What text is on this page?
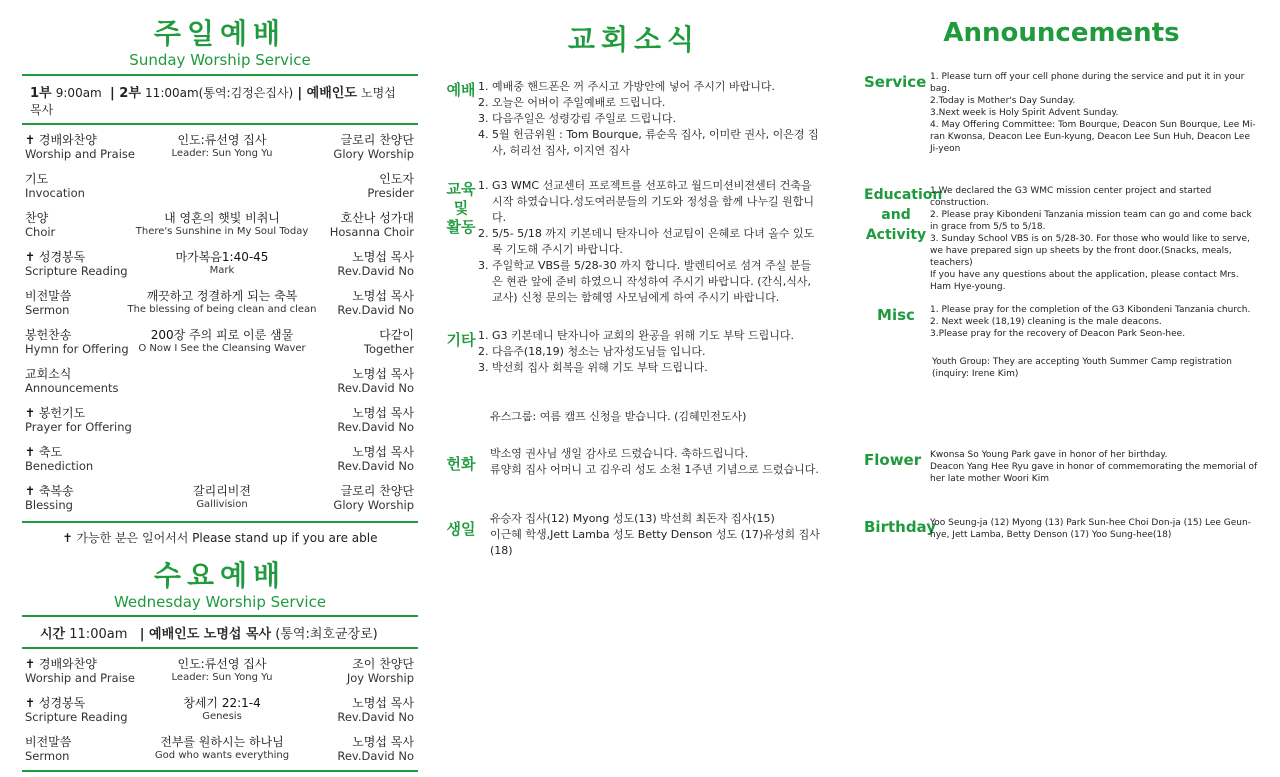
주일예배
Sunday Worship Service
1부 9:00am | 2부 11:00am(통역:김정은집사) | 예배인도 노명섭 목사
✝ 경배와찬양
Worship and Praise
인도:류선영 집사
Leader: Sun Yong Yu
글로리 찬양단
Glory Worship
기도
Invocation
인도자
Presider
찬양
Choir
내 영혼의 햇빛 비취니
There's Sunshine in My Soul Today
호산나 성가대
Hosanna Choir
✝ 성경봉독
Scripture Reading
마가복음1:40-45
Mark
노명섭 목사
Rev.David No
비전말씀
Sermon
깨끗하고 정결하게 되는 축복
The blessing of being clean and clean
노명섭 목사
Rev.David No
봉헌찬송
Hymn for Offering
200장 주의 피로 이룬 샘물
O Now I See the Cleansing Waver
다같이
Together
교회소식
Announcements
노명섭 목사
Rev.David No
✝ 봉헌기도
Prayer for Offering
노명섭 목사
Rev.David No
✝ 축도
Benediction
노명섭 목사
Rev.David No
✝ 축복송
Blessing
갈리리비젼
Gallivision
글로리 찬양단
Glory Worship
✝ 가능한 분은 일어서서 Please stand up if you are able
수요예배
Wednesday Worship Service
시간 11:00am | 예배인도 노명섭 목사 (통역:최호균장로)
✝ 경배와찬양
Worship and Praise
인도:류선영 집사
Leader: Sun Yong Yu
조이 찬양단
Joy Worship
✝ 성경봉독
Scripture Reading
창세기 22:1-4
Genesis
노명섭 목사
Rev.David No
비전말씀
Sermon
전부를 원하시는 하나님
God who wants everything
노명섭 목사
Rev.David No
교회소식
예배 1. 예배중 핸드폰은 꺼 주시고 가방안에 넣어 주시기 바랍니다.
2. 오늘은 어버이 주일예배로 드립니다.
3. 다음주일은 성령강림 주일로 드립니다.
4. 5월 헌금위원 : Tom Bourque, 류순옥 집사, 이미란 권사, 이은경 집사, 허리선 집사, 이지연 집사
교육
및
활동
1. G3 WMC 선교센터 프로젝트를 선포하고 월드미션비젼센터 건축을 시작 하였습니다.성도여러분들의 기도와 정성을 함께 나누길 원합니다.
2. 5/5- 5/18 까지 키본데니 탄자니아 선교팀이 은혜로 다녀 올수 있도록 기도해 주시기 바랍니다.
3. 주일학교 VBS를 5/28-30 까지 합니다. 발렌티어로 섬겨 주실 분들은 현관 앞에 준비 하였으니 작성하여 주시기 바랍니다. (간식,식사, 교사) 신청 문의는 함혜영 사모님에게 하여 주시기 바랍니다.
기타 1. G3 키본데니 탄자니아 교회의 완공을 위해 기도 부탁 드립니다.
2. 다음주(18,19) 청소는 남자성도님들 입니다.
3. 박선희 집사 회복을 위해 기도 부탁 드립니다.
유스그룹: 여름 캠프 신청을 받습니다. (김혜민전도사)
헌화
박소영 권사님 생일 감사로 드렸습니다. 축하드립니다.
류양희 집사 어머니 고 김우리 성도 소천 1주년 기념으로 드렸습니다.
생일
유승자 집사(12) Myong 성도(13) 박선희 최돈자 집사(15)
이근혜 학생,Jett Lamba 성도 Betty Denson 성도 (17)유성희 집사(18)
Announcements
Service 1. Please turn off your cell phone during the service and put it in your bag.

2.Today is Mother's Day Sunday.

3.Next week is Holy Spirit Advent Sunday.

4. May Offering Committee: Tom Bourque, Deacon Sun Bourque, Lee Mi-ran Kwonsa, Deacon Lee Eun-kyung, Deacon Lee Sun Huh, Deacon Lee Ji-yeon

Education
and
Activity

1.We declared the G3 WMC mission center project and started construction.

2. Please pray Kibondeni Tanzania mission team can go and come back in grace from 5/5 to 5/18.

3. Sunday School VBS is on 5/28-30. For those who would like to serve, we have prepared sign up sheets by the front door.(Snacks, meals, teachers)

If you have any questions about the application, please contact Mrs. Ham Hye-young.

Misc	1. Please pray for the completion of the G3 Kibondeni Tanzania church.

2. Next week (18,19) cleaning is the male deacons.

3.Please pray for the recovery of Deacon Park Seon-hee.

Youth Group: They are accepting Youth Summer Camp registration (inquiry: Irene Kim)
Flower Kwonsa So Young Park gave in honor of her birthday.

Deacon Yang Hee Ryu gave in honor of commemorating the memorial of her late mother Woori Kim

Birthday
Yoo Seung-ja (12) Myong (13) Park Sun-hee Choi Don-ja (15) Lee Geun-hye, Jett Lamba, Betty Denson (17) Yoo Sung-hee(18)
